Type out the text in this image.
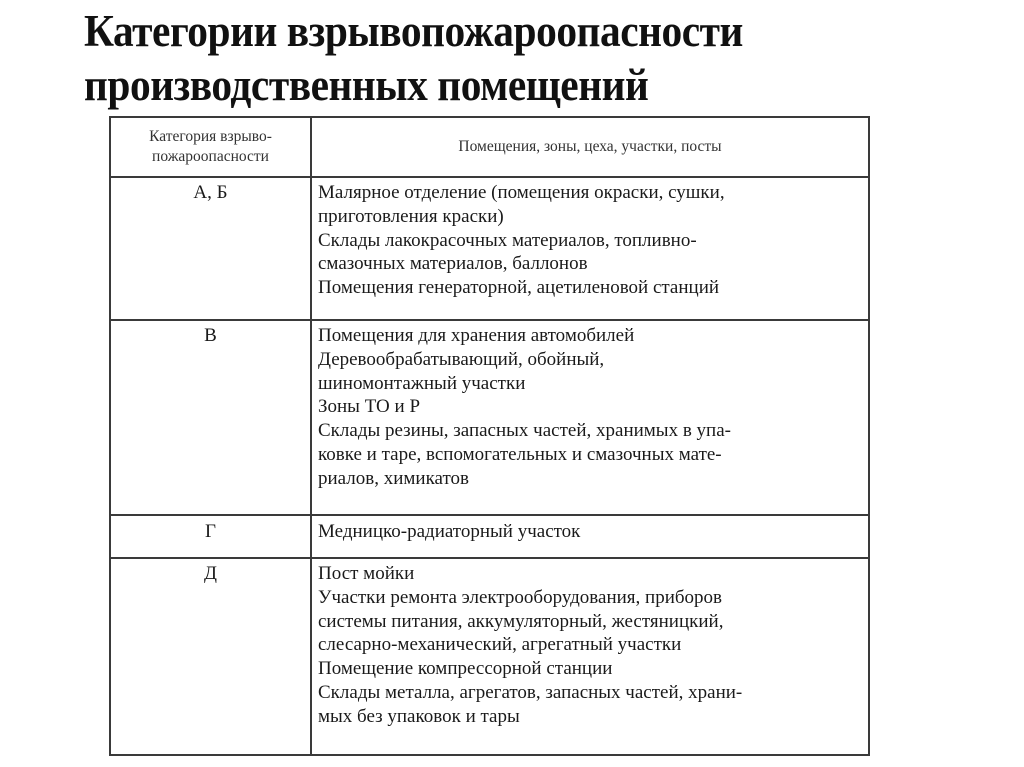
Категории взрывопожароопасности
производственных помещений
Категория взрыво-
пожароопасности	Помещения, зоны, цеха, участки, посты
А, Б	Малярное отделение (помещения окраски, сушки,
приготовления краски)
Склады лакокрасочных материалов, топливно-
смазочных материалов, баллонов
Помещения генераторной, ацетиленовой станций

В	Помещения для хранения автомобилей
Деревообрабатывающий, обойный,
шиномонтажный участки
Зоны ТО и Р
Склады резины, запасных частей, хранимых в упа-
ковке и таре, вспомогательных и смазочных мате-
риалов, химикатов

Г	Медницко-радиаторный участок

Д	Пост мойки
Участки ремонта электрооборудования, приборов
системы питания, аккумуляторный, жестяницкий,
слесарно-механический, агрегатный участки
Помещение компрессорной станции
Склады металла, агрегатов, запасных частей, храни-
мых без упаковок и тары
